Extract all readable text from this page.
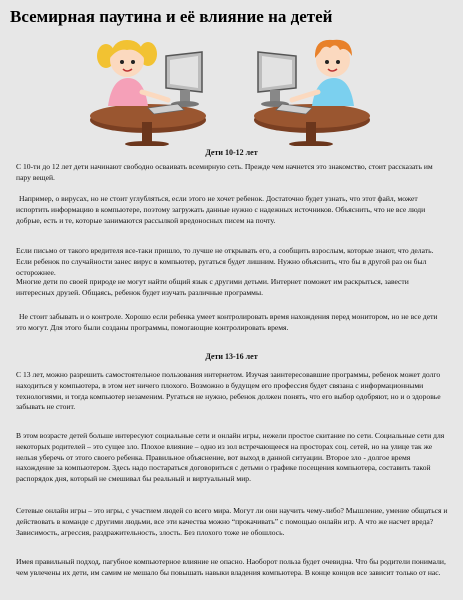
Всемирная паутина и её влияние на детей
Дети 10-12 лет

С 10-ти до 12 лет дети начинают свободно осваивать всемирную сеть. Прежде чем начнется это знакомство, стоит рассказать им пару вещей.

Например, о вирусах, но не стоит углубляться, если этого не хочет ребенок. Достаточно будет узнать, что этот файл, может испортить информацию в компьютере, поэтому загружать данные нужно с надежных источников. Объяснить, что не все люди добрые, есть и те, которые занимаются рассылкой вредоносных писем на почту.

Если письмо от такого вредителя все-таки пришло, то лучше не открывать его, а сообщить взрослым, которые знают, что делать. Если ребенок по случайности занес вирус в компьютер, ругаться будет лишним. Нужно объяснить, что бы в другой раз он был осторожнее.

Многие дети по своей природе не могут найти общий язык с другими детьми. Интернет поможет им раскрыться, завести интересных друзей. Общаясь, ребенок будет изучать различные программы.

Не стоит забывать и о контроле. Хорошо если ребенка умеет контролировать время нахождения перед монитором, но не все дети это могут. Для этого были созданы программы, помогающие контролировать время.

Дети 13-16 лет

С 13 лет, можно разрешить самостоятельное пользования интернетом. Изучая заинтересовавшие программы, ребенок может долго находиться у компьютера, в этом нет ничего плохого. Возможно в будущем его профессия будет связана с информационными технологиями, и тогда компьютер незаменим. Ругаться не нужно, ребенок должен понять, что его выбор одобряют, но и о здоровье забывать не стоит.

В этом возрасте детей больше интересуют социальные сети и онлайн игры, нежели простое скитание по сети. Социальные сети для некоторых родителей – это сущее зло. Плохое влияние – одно из зол встречающееся на просторах соц. сетей, но на улице так же нельзя уберечь от этого своего ребенка. Правильное объяснение, вот выход в данной ситуации. Второе зло - долгое время нахождение за компьютером. Здесь надо постараться договориться с детьми о графике посещения компьютера, составить такой распорядок дня, который не смешивал бы реальный и виртуальный мир.

Сетевые онлайн игры – это игры, с участием людей со всего мира. Могут ли они научить чему-либо? Мышление, умение общаться и действовать в команде с другими людьми, все эти качества можно “прокачивать” с помощью онлайн игр. А что же насчет вреда? Зависимость, агрессия, раздражительность, злость. Без плохого тоже не обошлось.

Имея правильный подход, пагубное компьютерное влияние не опасно. Наоборот польза будет очевидна. Что бы родители понимали, чем увлечены их дети, им самим не мешало бы повышать навыки владения компьютера. В конце концов все зависит только от нас.
